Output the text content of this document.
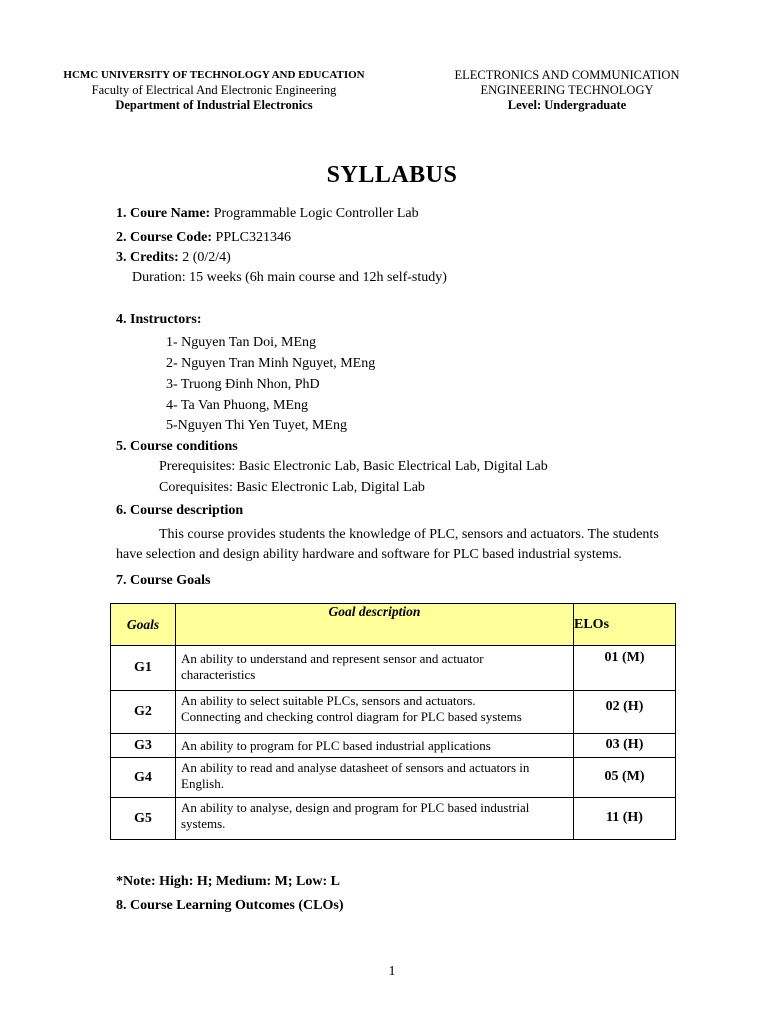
HCMC UNIVERSITY OF TECHNOLOGY AND EDUCATION
Faculty of Electrical And Electronic Engineering
Department of Industrial Electronics
ELECTRONICS AND COMMUNICATION
ENGINEERING TECHNOLOGY
Level: Undergraduate
SYLLABUS
1. Coure Name: Programmable Logic Controller Lab
2. Course Code: PPLC321346
3. Credits: 2 (0/2/4)
Duration: 15 weeks (6h main course and 12h self-study)
4. Instructors:
1- Nguyen Tan Doi, MEng
2- Nguyen Tran Minh Nguyet, MEng
3- Truong Đinh Nhon, PhD
4- Ta Van Phuong, MEng
5-Nguyen Thi Yen Tuyet, MEng
5. Course conditions
Prerequisites: Basic Electronic Lab, Basic Electrical Lab, Digital Lab
Corequisites: Basic Electronic Lab, Digital Lab
6. Course description
This course provides students the knowledge of PLC, sensors and actuators. The students
have selection and design ability hardware and software for PLC based industrial systems.
7. Course Goals
Goals	Goal description	ELOs
G1	An ability to understand and represent sensor and actuator
characteristics	01 (M)
G2	An ability to select suitable PLCs, sensors and actuators.
Connecting and checking control diagram for PLC based systems	02 (H)
G3	An ability to program for PLC based industrial applications	03 (H)
G4	An ability to read and analyse datasheet of sensors and actuators in
English.	05 (M)
G5	An ability to analyse, design and program for PLC based industrial
systems.	11 (H)
*Note: High: H; Medium: M; Low: L
8. Course Learning Outcomes (CLOs)
1
